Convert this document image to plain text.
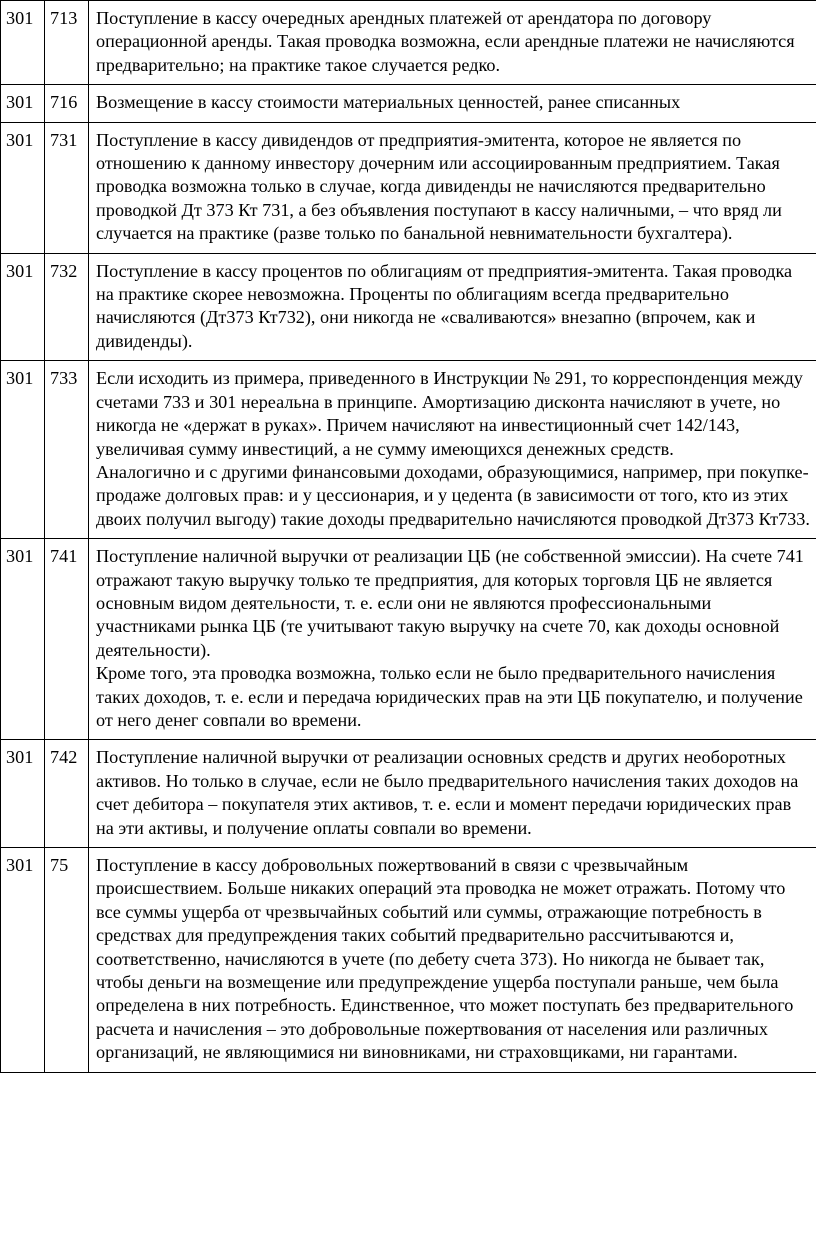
301	713	Поступление в кассу очередных арендных платежей от арендатора по договору операционной аренды. Такая проводка возможна, если арендные платежи не начисляются предварительно; на практике такое случается редко.

301	716	Возмещение в кассу стоимости материальных ценностей, ранее списанных

301	731	Поступление в кассу дивидендов от предприятия-эмитента, которое не является по отношению к данному инвестору дочерним или ассоциированным предприятием. Такая проводка возможна только в случае, когда дивиденды не начисляются предварительно проводкой Дт 373 Кт 731, а без объявления поступают в кассу наличными, – что вряд ли случается на практике (разве только по банальной невнимательности бухгалтера).

301	732	Поступление в кассу процентов по облигациям от предприятия-эмитента. Такая проводка на практике скорее невозможна. Проценты по облигациям всегда предварительно начисляются (Дт373 Кт732), они никогда не «сваливаются» внезапно (впрочем, как и дивиденды).

301	733	Если исходить из примера, приведенного в Инструкции № 291, то корреспонденция между счетами 733 и 301 нереальна в принципе. Амортизацию дисконта начисляют в учете, но никогда не «держат в руках». Причем начисляют на инвестиционный счет 142/143, увеличивая сумму инвестиций, а не сумму имеющихся денежных средств.
Аналогично и с другими финансовыми доходами, образующимися, например, при покупке-продаже долговых прав: и у цессионария, и у цедента (в зависимости от того, кто из этих двоих получил выгоду) такие доходы предварительно начисляются проводкой Дт373 Кт733.

301	741	Поступление наличной выручки от реализации ЦБ (не собственной эмиссии). На счете 741 отражают такую выручку только те предприятия, для которых торговля ЦБ не является основным видом деятельности, т. е. если они не являются профессиональными участниками рынка ЦБ (те учитывают такую выручку на счете 70, как доходы основной деятельности).
Кроме того, эта проводка возможна, только если не было предварительного начисления таких доходов, т. е. если и передача юридических прав на эти ЦБ покупателю, и получение от него денег совпали во времени.

301	742	Поступление наличной выручки от реализации основных средств и других необоротных активов. Но только в случае, если не было предварительного начисления таких доходов на счет дебитора – покупателя этих активов, т. е. если и момент передачи юридических прав на эти активы, и получение оплаты совпали во времени.

301	75	Поступление в кассу добровольных пожертвований в связи с чрезвычайным происшествием. Больше никаких операций эта проводка не может отражать. Потому что все суммы ущерба от чрезвычайных событий или суммы, отражающие потребность в средствах для предупреждения таких событий предварительно рассчитываются и, соответственно, начисляются в учете (по дебету счета 373). Но никогда не бывает так, чтобы деньги на возмещение или предупреждение ущерба поступали раньше, чем была определена в них потребность. Единственное, что может поступать без предварительного расчета и начисления – это добровольные пожертвования от населения или различных организаций, не являющимися ни виновниками, ни страховщиками, ни гарантами.
